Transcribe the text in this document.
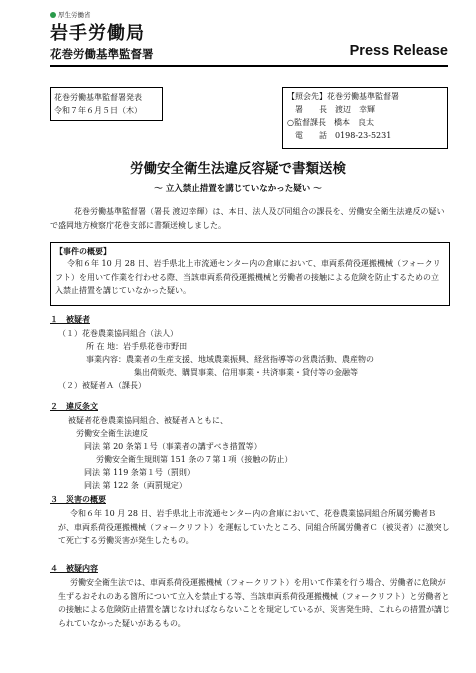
厚生労働省
岩手労働局
花巻労働基準監督署	Press Release
花巻労働基準監督署発表
令和７年６月５日（木）
【照会先】花巻労働基準監督署
　署　　長　渡辺　幸輝
○監督課長　橋本　良太
　電　　話　0198-23-5231
労働安全衛生法違反容疑で書類送検
～ 立入禁止措置を講じていなかった疑い ～
花巻労働基準監督署（署長 渡辺幸輝）は、本日、法人及び同組合の課長を、労働安全衛生法違反の疑いで盛岡地方検察庁花巻支部に書類送検しました。
【事件の概要】
令和６年 10 月 28 日、岩手県北上市流通センター内の倉庫において、車両系荷役運搬機械（フォークリフト）を用いて作業を行わせる際、当該車両系荷役運搬機械と労働者の接触による危険を防止するための立入禁止措置を講じていなかった疑い。
１　被疑者
（１）花巻農業協同組合（法人）
所 在 地：岩手県花巻市野田
事業内容：農業者の生産支援、地域農業振興、経営指導等の営農活動、農産物の
集出荷販売、購買事業、信用事業・共済事業・貸付等の金融等
（２）被疑者Ａ（課長）
２　違反条文
被疑者花巻農業協同組合、被疑者Ａともに、
労働安全衛生法違反
同法 第 20 条第１号（事業者の講ずべき措置等）
労働安全衛生規則第 151 条の７第１項（接触の防止）
同法 第 119 条第１号（罰則）
同法 第 122 条（両罰規定）
３　災害の概要
令和６年 10 月 28 日、岩手県北上市流通センター内の倉庫において、花巻農業協同組合所属労働者Ｂが、車両系荷役運搬機械（フォークリフト）を運転していたところ、同組合所属労働者Ｃ（被災者）に激突して死亡する労働災害が発生したもの。
４　被疑内容
労働安全衛生法では、車両系荷役運搬機械（フォークリフト）を用いて作業を行う場合、労働者に危険が生ずるおそれのある箇所について立入を禁止する等、当該車両系荷役運搬機械（フォークリフト）と労働者との接触による危険防止措置を講じなければならないことを規定しているが、災害発生時、これらの措置が講じられていなかった疑いがあるもの。
